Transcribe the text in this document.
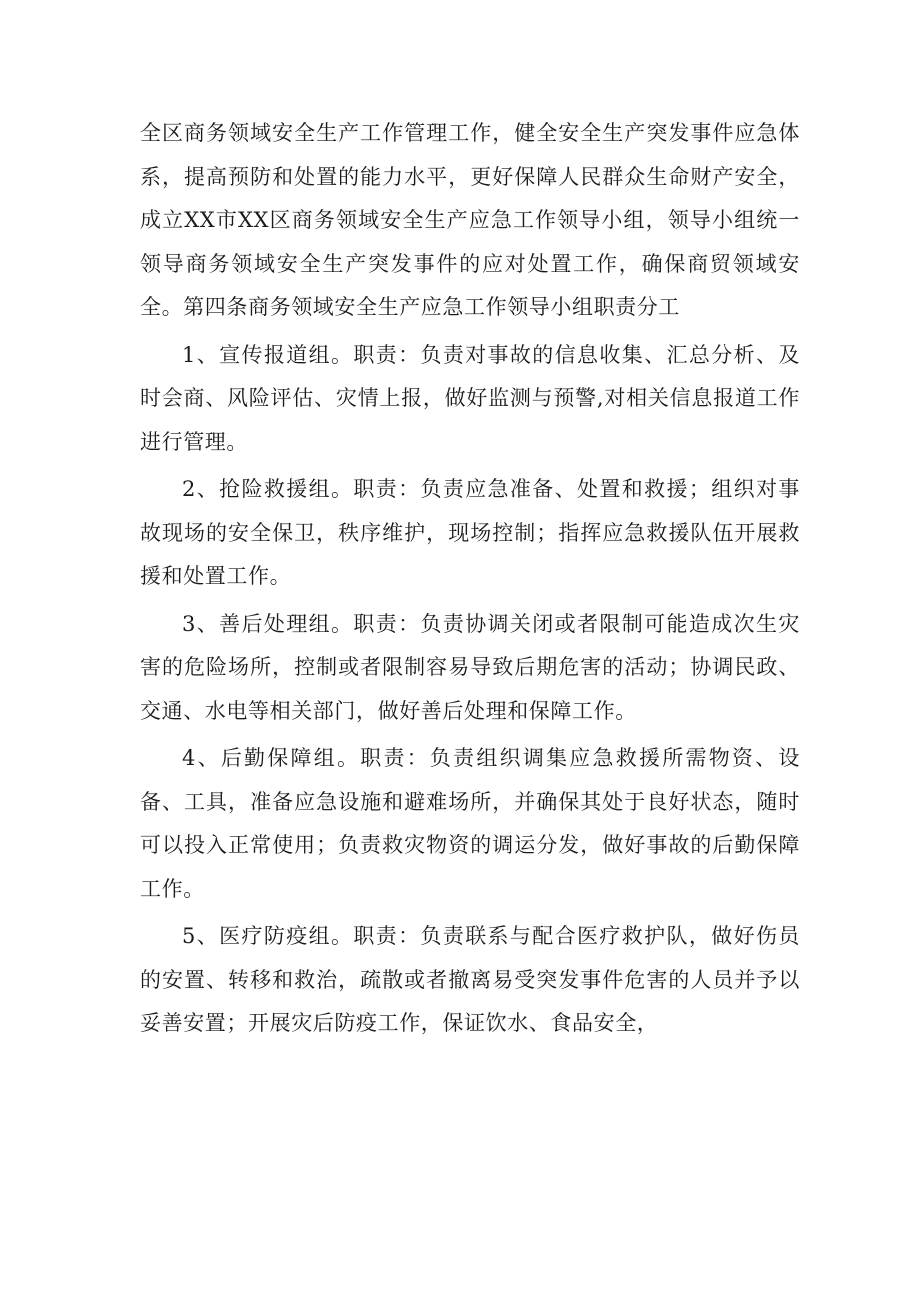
全区商务领域安全生产工作管理工作，健全安全生产突发事件应急体系，提高预防和处置的能力水平，更好保障人民群众生命财产安全，成立XX市XX区商务领域安全生产应急工作领导小组，领导小组统一领导商务领域安全生产突发事件的应对处置工作，确保商贸领域安全。第四条商务领域安全生产应急工作领导小组职责分工

1、宣传报道组。职责：负责对事故的信息收集、汇总分析、及时会商、风险评估、灾情上报，做好监测与预警,对相关信息报道工作进行管理。

2、抢险救援组。职责：负责应急准备、处置和救援；组织对事故现场的安全保卫，秩序维护，现场控制；指挥应急救援队伍开展救援和处置工作。

3、善后处理组。职责：负责协调关闭或者限制可能造成次生灾害的危险场所，控制或者限制容易导致后期危害的活动；协调民政、交通、水电等相关部门，做好善后处理和保障工作。

4、后勤保障组。职责：负责组织调集应急救援所需物资、设备、工具，准备应急设施和避难场所，并确保其处于良好状态，随时可以投入正常使用；负责救灾物资的调运分发，做好事故的后勤保障工作。

5、医疗防疫组。职责：负责联系与配合医疗救护队，做好伤员的安置、转移和救治，疏散或者撤离易受突发事件危害的人员并予以妥善安置；开展灾后防疫工作，保证饮水、食品安全，
